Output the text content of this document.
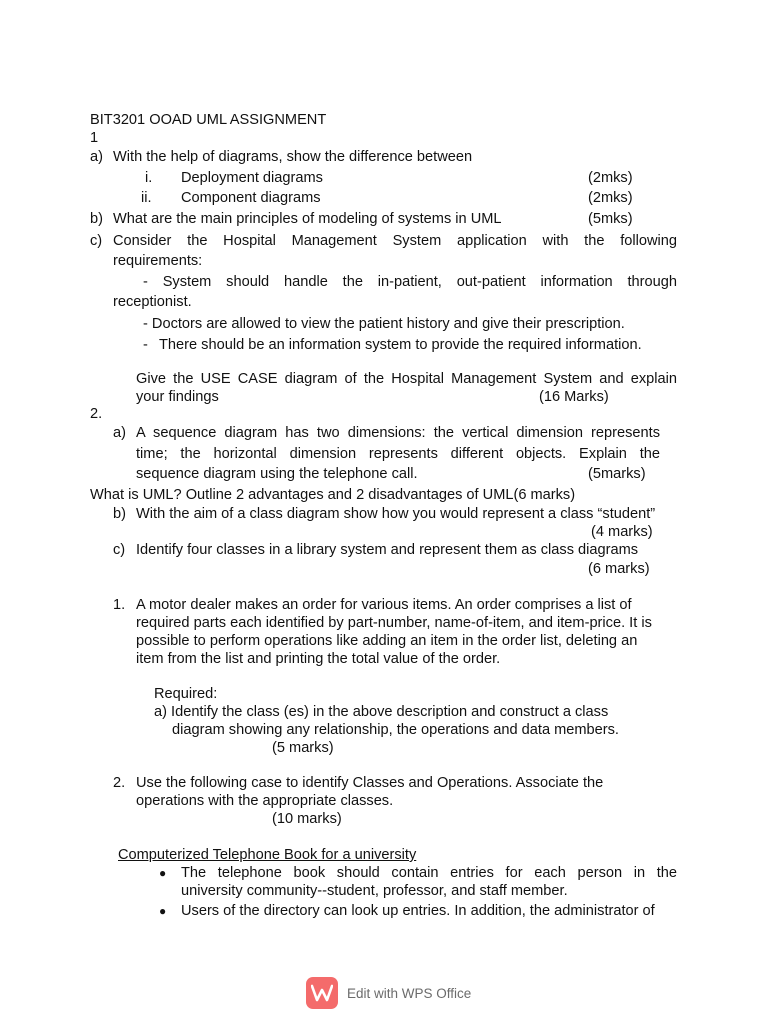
BIT3201 OOAD UML ASSIGNMENT
1
a) With the help of diagrams, show the difference between
i. Deployment diagrams	(2mks)
ii. Component diagrams	(2mks)
b) What are the main principles of modeling of systems in UML	(5mks)
c) Consider the Hospital Management System application with the following
requirements:
- System should handle the in-patient, out-patient information through
receptionist.
- Doctors are allowed to view the patient history and give their prescription.
- There should be an information system to provide the required information.
Give the USE CASE diagram of the Hospital Management System and explain
your findings	(16 Marks)
2.
a) A sequence diagram has two dimensions: the vertical dimension represents
time; the horizontal dimension represents different objects. Explain the
sequence diagram using the telephone call.	(5marks)
What is UML? Outline 2 advantages and 2 disadvantages of UML(6 marks)
b) With the aim of a class diagram show how you would represent a class “student”
(4 marks)
c) Identify four classes in a library system and represent them as class diagrams
(6 marks)
1. A motor dealer makes an order for various items. An order comprises a list of
required parts each identified by part-number, name-of-item, and item-price. It is
possible to perform operations like adding an item in the order list, deleting an
item from the list and printing the total value of the order.
Required:
a) Identify the class (es) in the above description and construct a class
diagram showing any relationship, the operations and data members.
(5 marks)
2. Use the following case to identify Classes and Operations. Associate the
operations with the appropriate classes.
(10 marks)
Computerized Telephone Book for a university
● The telephone book should contain entries for each person in the
university community--student, professor, and staff member.
● Users of the directory can look up entries. In addition, the administrator of
Edit with WPS Office
